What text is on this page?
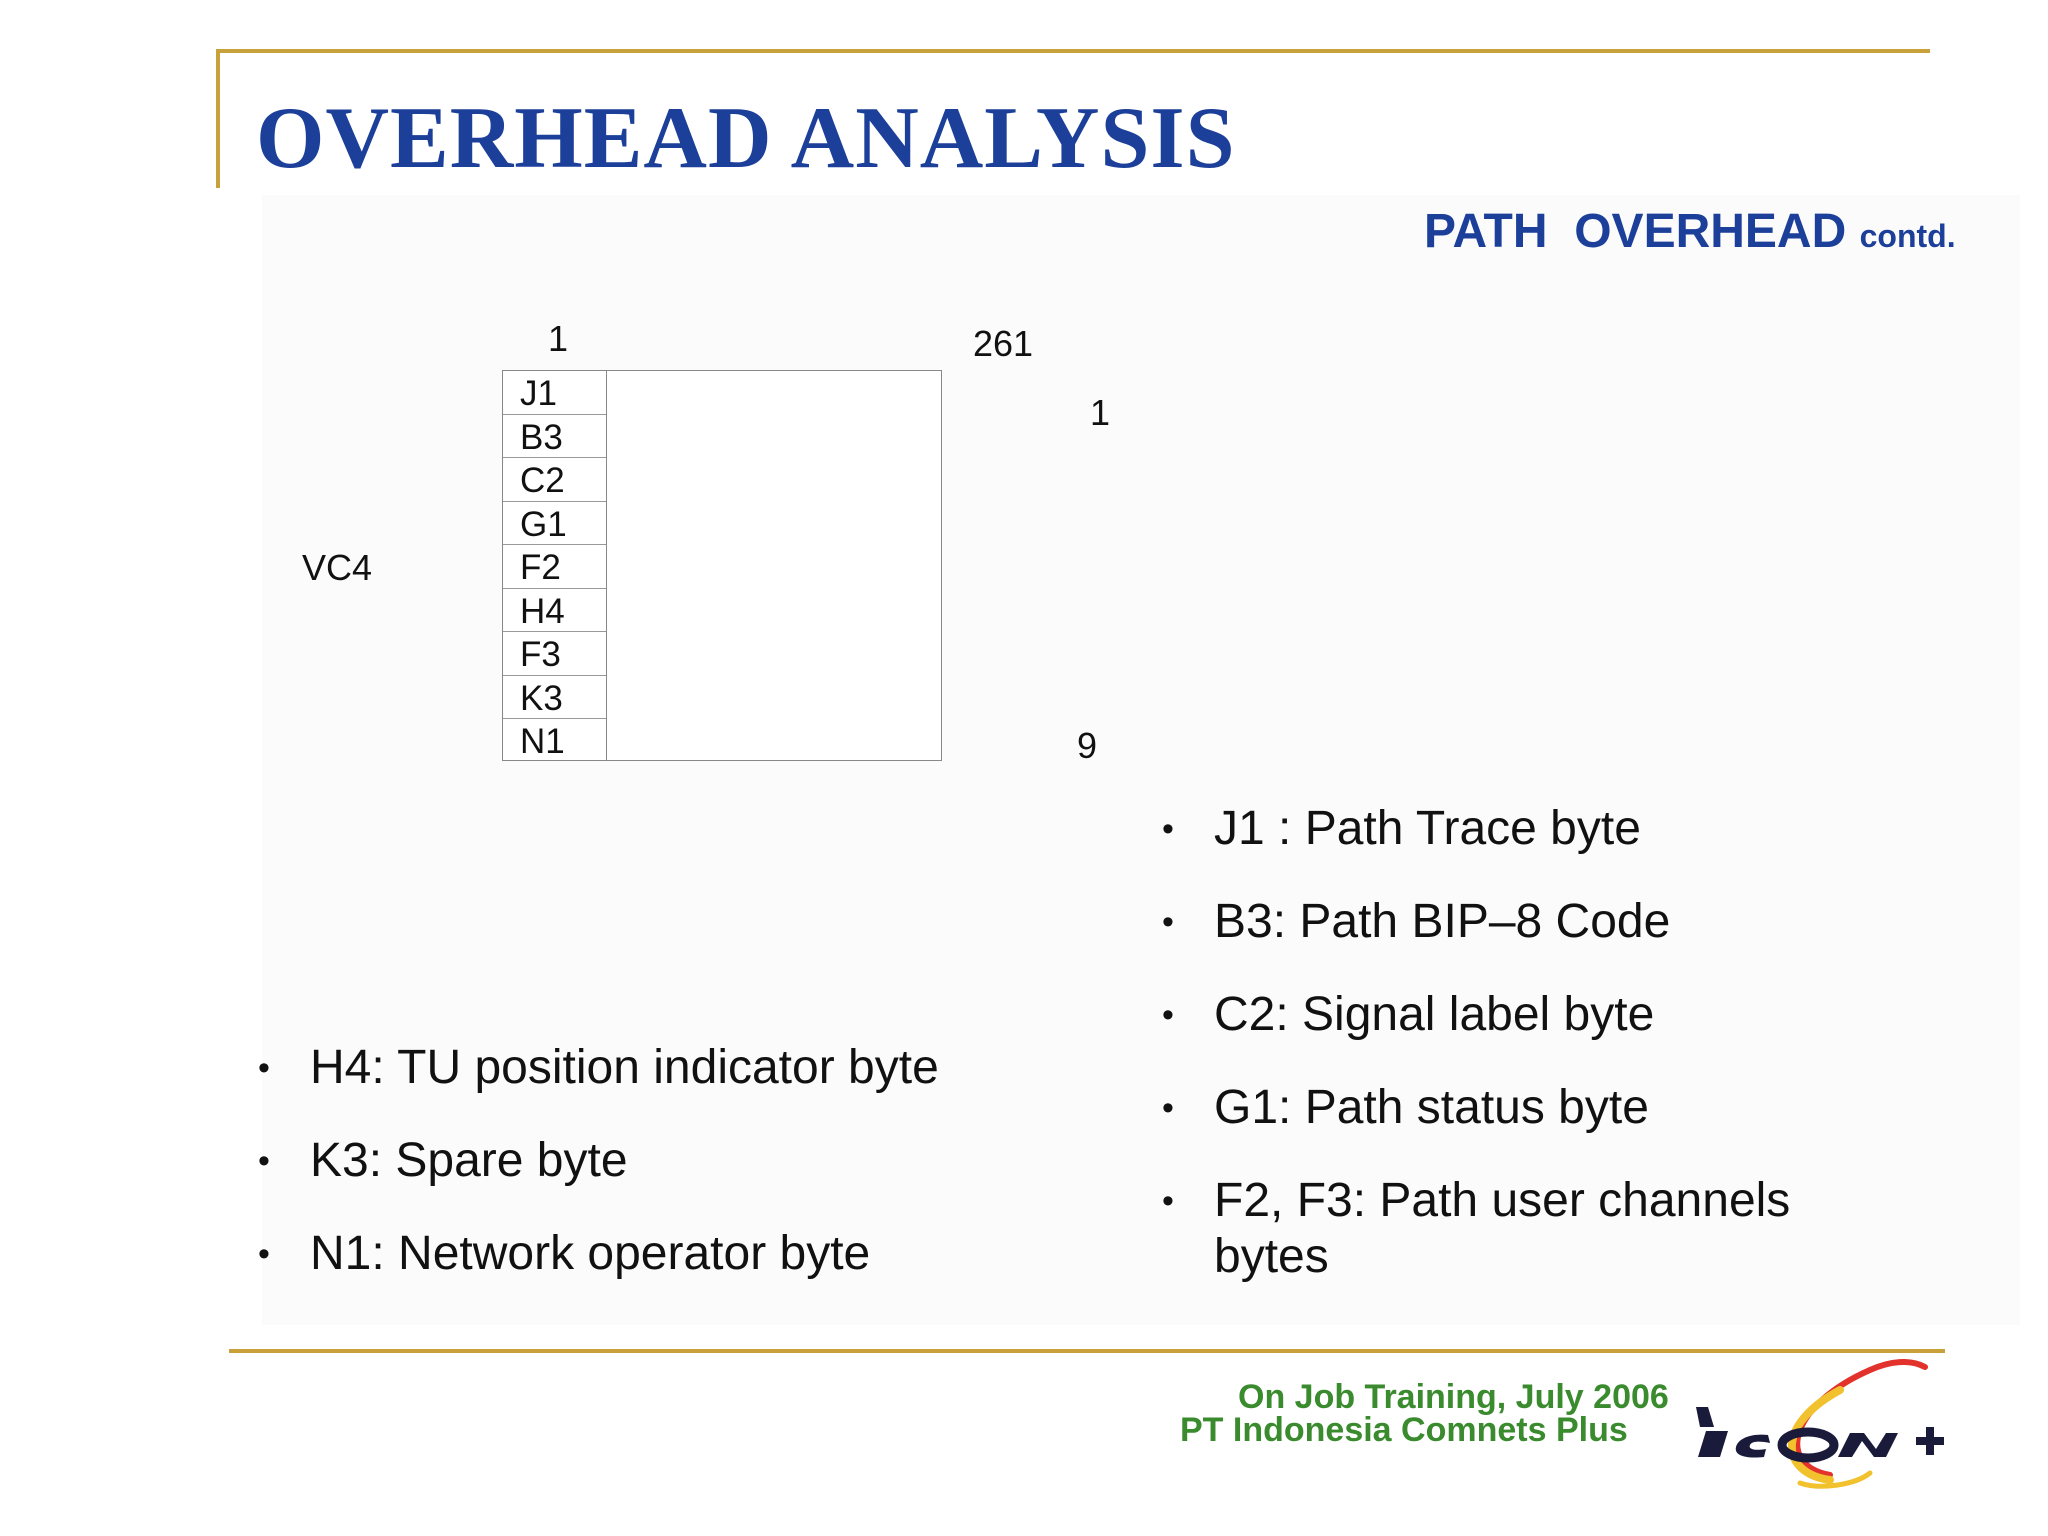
OVERHEAD ANALYSIS
PATH  OVERHEAD contd.
1	261
1
9
VC4
J1
B3
C2
G1
F2
H4
F3
K3
N1
• H4: TU position indicator byte
• K3: Spare byte
• N1: Network operator byte
• J1 : Path Trace byte
• B3: Path BIP–8 Code
• C2: Signal label byte
• G1: Path status byte
• F2, F3: Path user channels bytes
On Job Training, July 2006
PT Indonesia Comnets Plus
